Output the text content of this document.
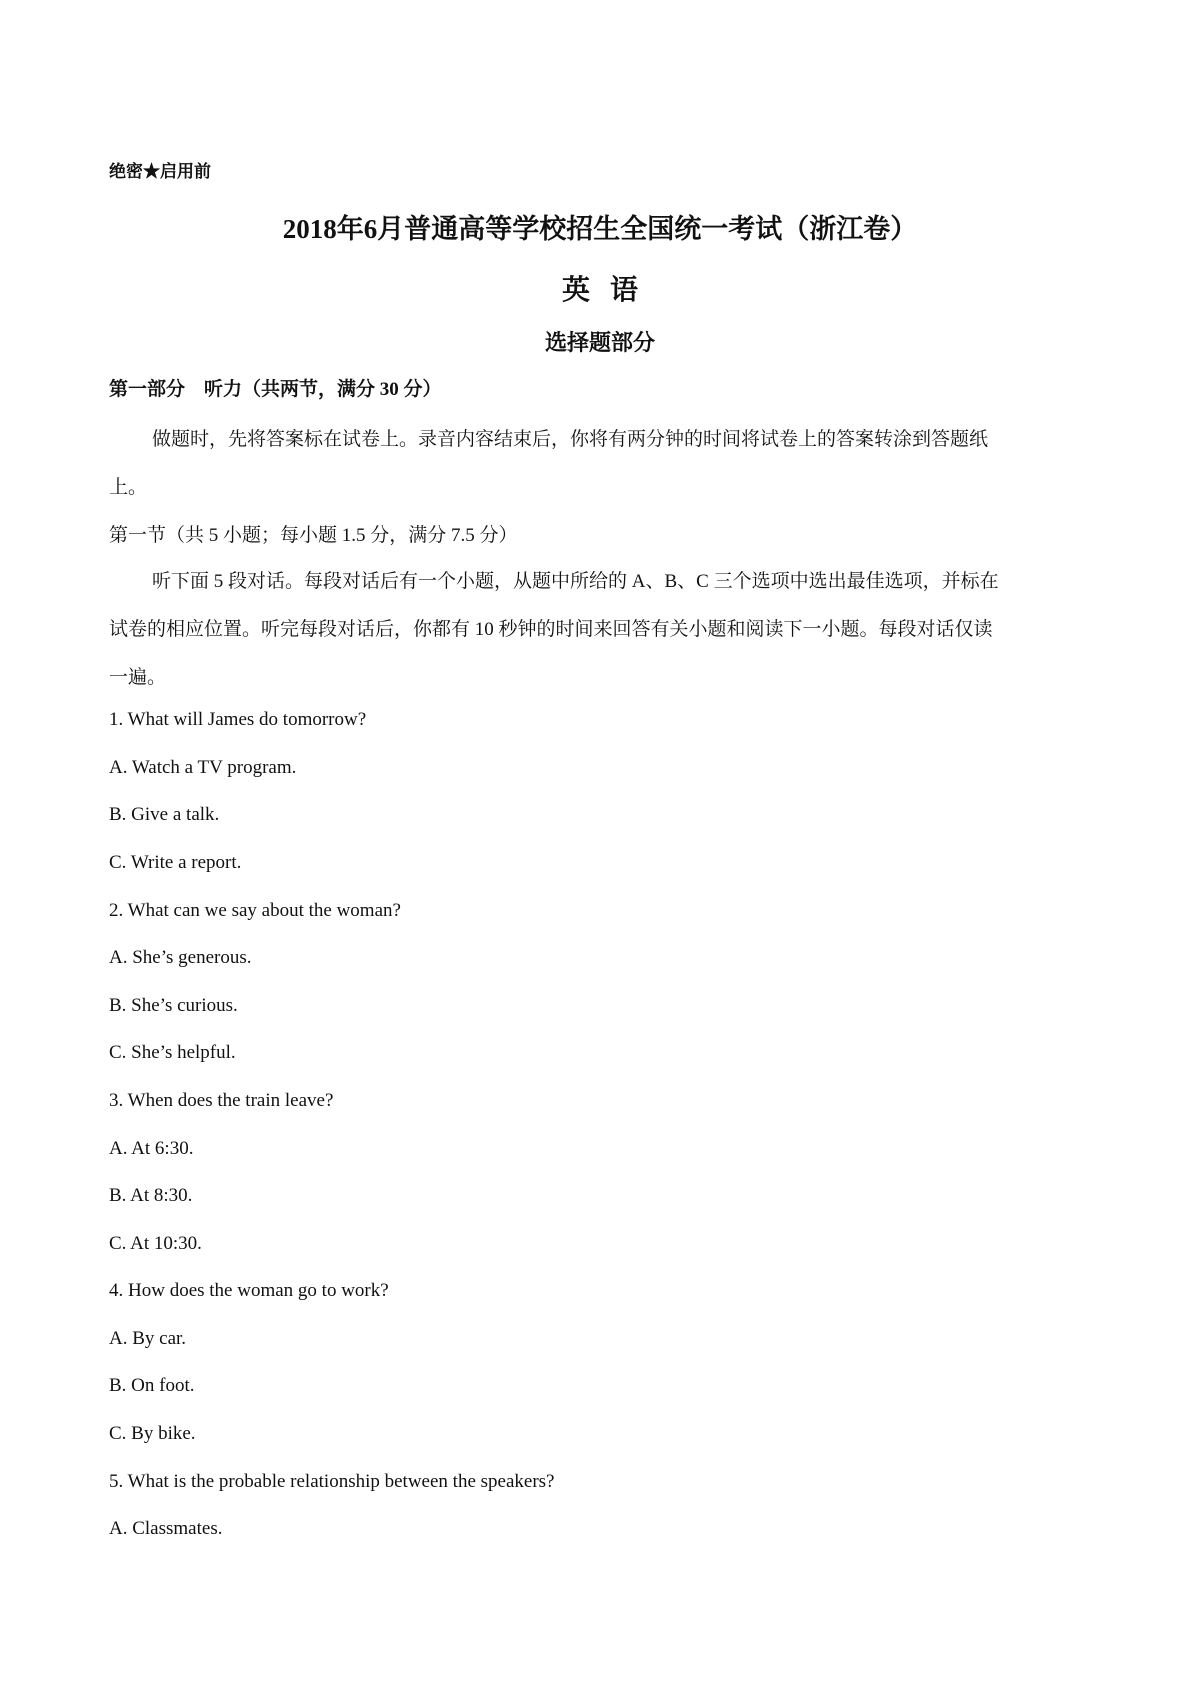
绝密★启用前
2018年6月普通高等学校招生全国统一考试（浙江卷）
英语
选择题部分
第一部分　听力（共两节，满分 30 分）
做题时，先将答案标在试卷上。录音内容结束后，你将有两分钟的时间将试卷上的答案转涂到答题纸
上。
第一节（共 5 小题；每小题 1.5 分，满分 7.5 分）
听下面 5 段对话。每段对话后有一个小题，从题中所给的 A、B、C 三个选项中选出最佳选项，并标在
试卷的相应位置。听完每段对话后，你都有 10 秒钟的时间来回答有关小题和阅读下一小题。每段对话仅读
一遍。
1. What will James do tomorrow?
A. Watch a TV program.
B. Give a talk.
C. Write a report.
2. What can we say about the woman?
A. She’s generous.
B. She’s curious.
C. She’s helpful.
3. When does the train leave?
A. At 6:30.
B. At 8:30.
C. At 10:30.
4. How does the woman go to work?
A. By car.
B. On foot.
C. By bike.
5. What is the probable relationship between the speakers?
A. Classmates.
